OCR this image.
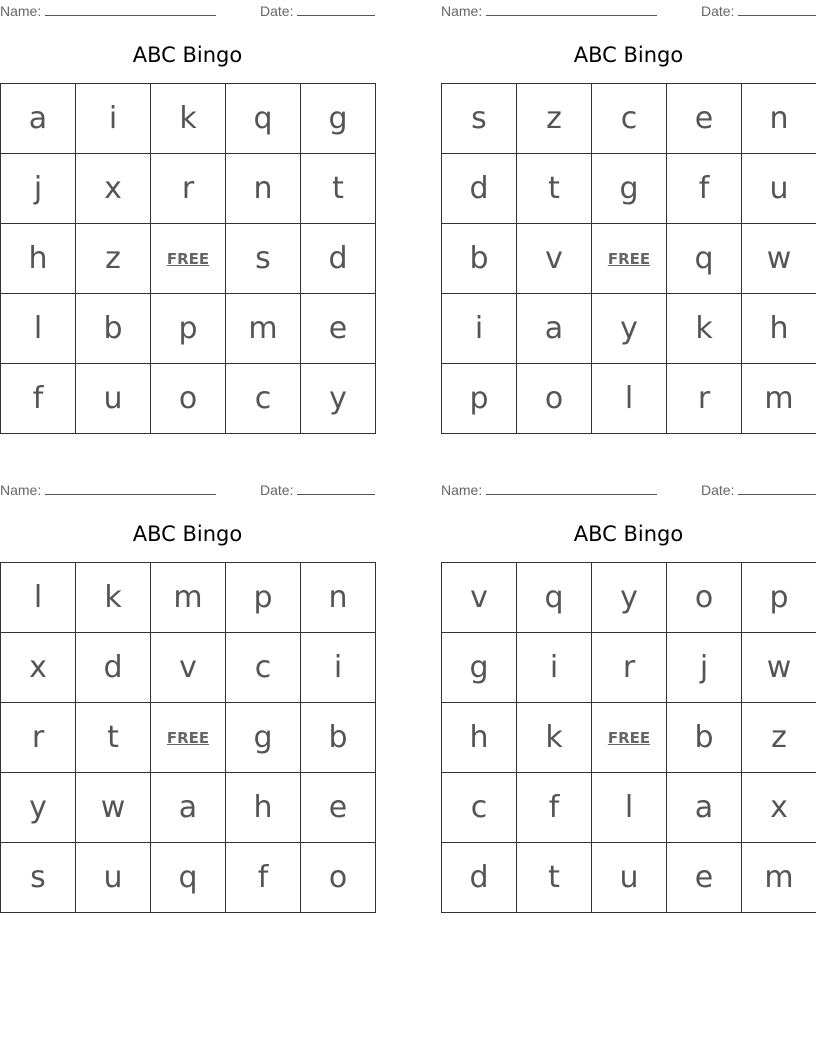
Name:	Date:
ABC Bingo
a	i	k	q	g
j	x	r	n	t
h	z	FREE	s	d
l	b	p	m	e
f	u	o	c	y
Name:	Date:
ABC Bingo
s	z	c	e	n
d	t	g	f	u
b	v	FREE	q	w
i	a	y	k	h
p	o	l	r	m
Name:	Date:
ABC Bingo
l	k	m	p	n
x	d	v	c	i
r	t	FREE	g	b
y	w	a	h	e
s	u	q	f	o
Name:	Date:
ABC Bingo
v	q	y	o	p
g	i	r	j	w
h	k	FREE	b	z
c	f	l	a	x
d	t	u	e	m
